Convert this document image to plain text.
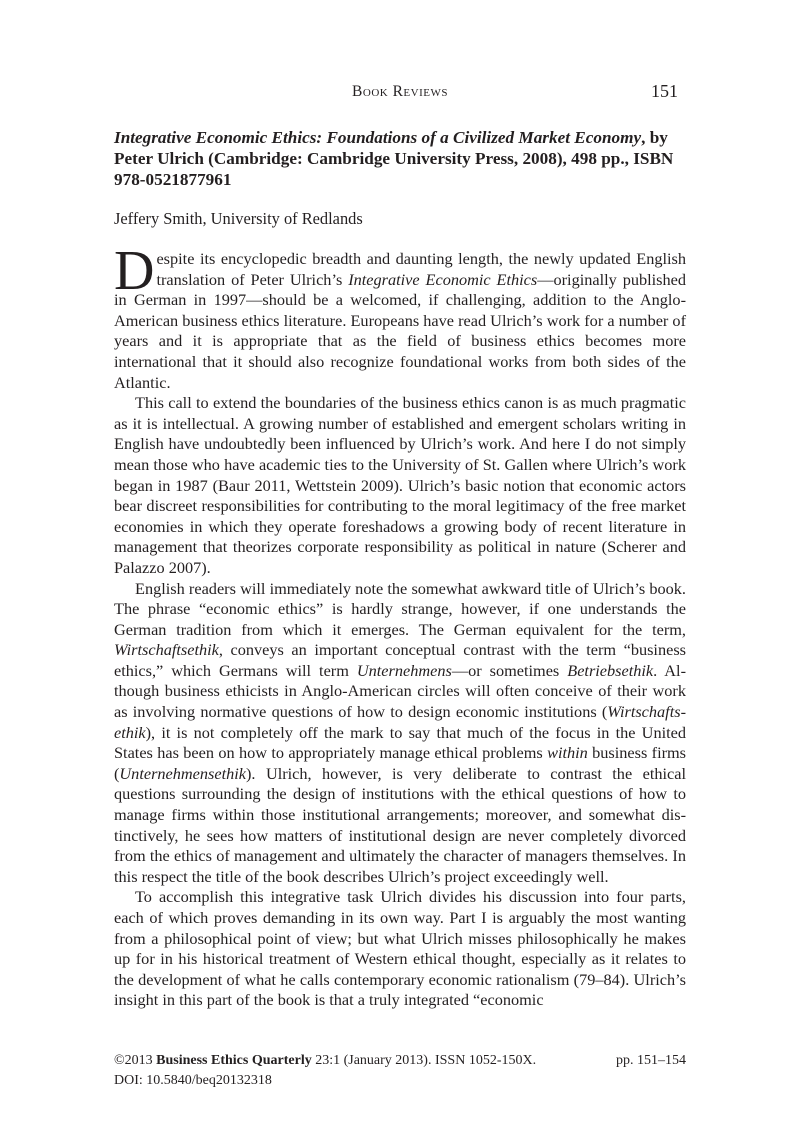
Book Reviews	151
Integrative Economic Ethics: Foundations of a Civilized Market Economy, by Peter Ulrich (Cambridge: Cambridge University Press, 2008), 498 pp., ISBN 978-0521877961
Jeffery Smith, University of Redlands

Despite its encyclopedic breadth and daunting length, the newly updated English translation of Peter Ulrich’s Integrative Economic Ethics—originally published in German in 1997—should be a welcomed, if challenging, addition to the Anglo-American business ethics literature. Europeans have read Ulrich’s work for a number of years and it is appropriate that as the field of business ethics becomes more international that it should also recognize foundational works from both sides of the Atlantic.

This call to extend the boundaries of the business ethics canon is as much pragmatic as it is intellectual. A growing number of established and emergent scholars writing in English have undoubtedly been influenced by Ulrich’s work. And here I do not simply mean those who have academic ties to the University of St. Gallen where Ulrich’s work began in 1987 (Baur 2011, Wettstein 2009). Ulrich’s basic notion that economic actors bear discreet responsibilities for contributing to the moral legitimacy of the free market economies in which they operate foreshadows a growing body of recent literature in management that theorizes corporate responsibility as political in nature (Scherer and Palazzo 2007).

English readers will immediately note the somewhat awkward title of Ulrich’s book. The phrase “economic ethics” is hardly strange, however, if one understands the German tradition from which it emerges. The German equivalent for the term, Wirtschaftsethik, conveys an important conceptual contrast with the term “business ethics,” which Germans will term Unternehmens—or sometimes Betriebsethik. Although business ethicists in Anglo-American circles will often conceive of their work as involving normative questions of how to design economic institutions (Wirtschaftsethik), it is not completely off the mark to say that much of the focus in the United States has been on how to appropriately manage ethical problems within business firms (Unternehmensethik). Ulrich, however, is very deliberate to contrast the ethical questions surrounding the design of institutions with the ethical questions of how to manage firms within those institutional arrangements; moreover, and somewhat distinctively, he sees how matters of institutional design are never completely divorced from the ethics of management and ultimately the character of managers themselves. In this respect the title of the book describes Ulrich’s project exceedingly well.

To accomplish this integrative task Ulrich divides his discussion into four parts, each of which proves demanding in its own way. Part I is arguably the most wanting from a philosophical point of view; but what Ulrich misses philosophically he makes up for in his historical treatment of Western ethical thought, especially as it relates to the development of what he calls contemporary economic rationalism (79–84). Ulrich’s insight in this part of the book is that a truly integrated “economic

©2013 Business Ethics Quarterly 23:1 (January 2013). ISSN 1052-150X.	pp. 151–154
DOI: 10.5840/beq20132318
